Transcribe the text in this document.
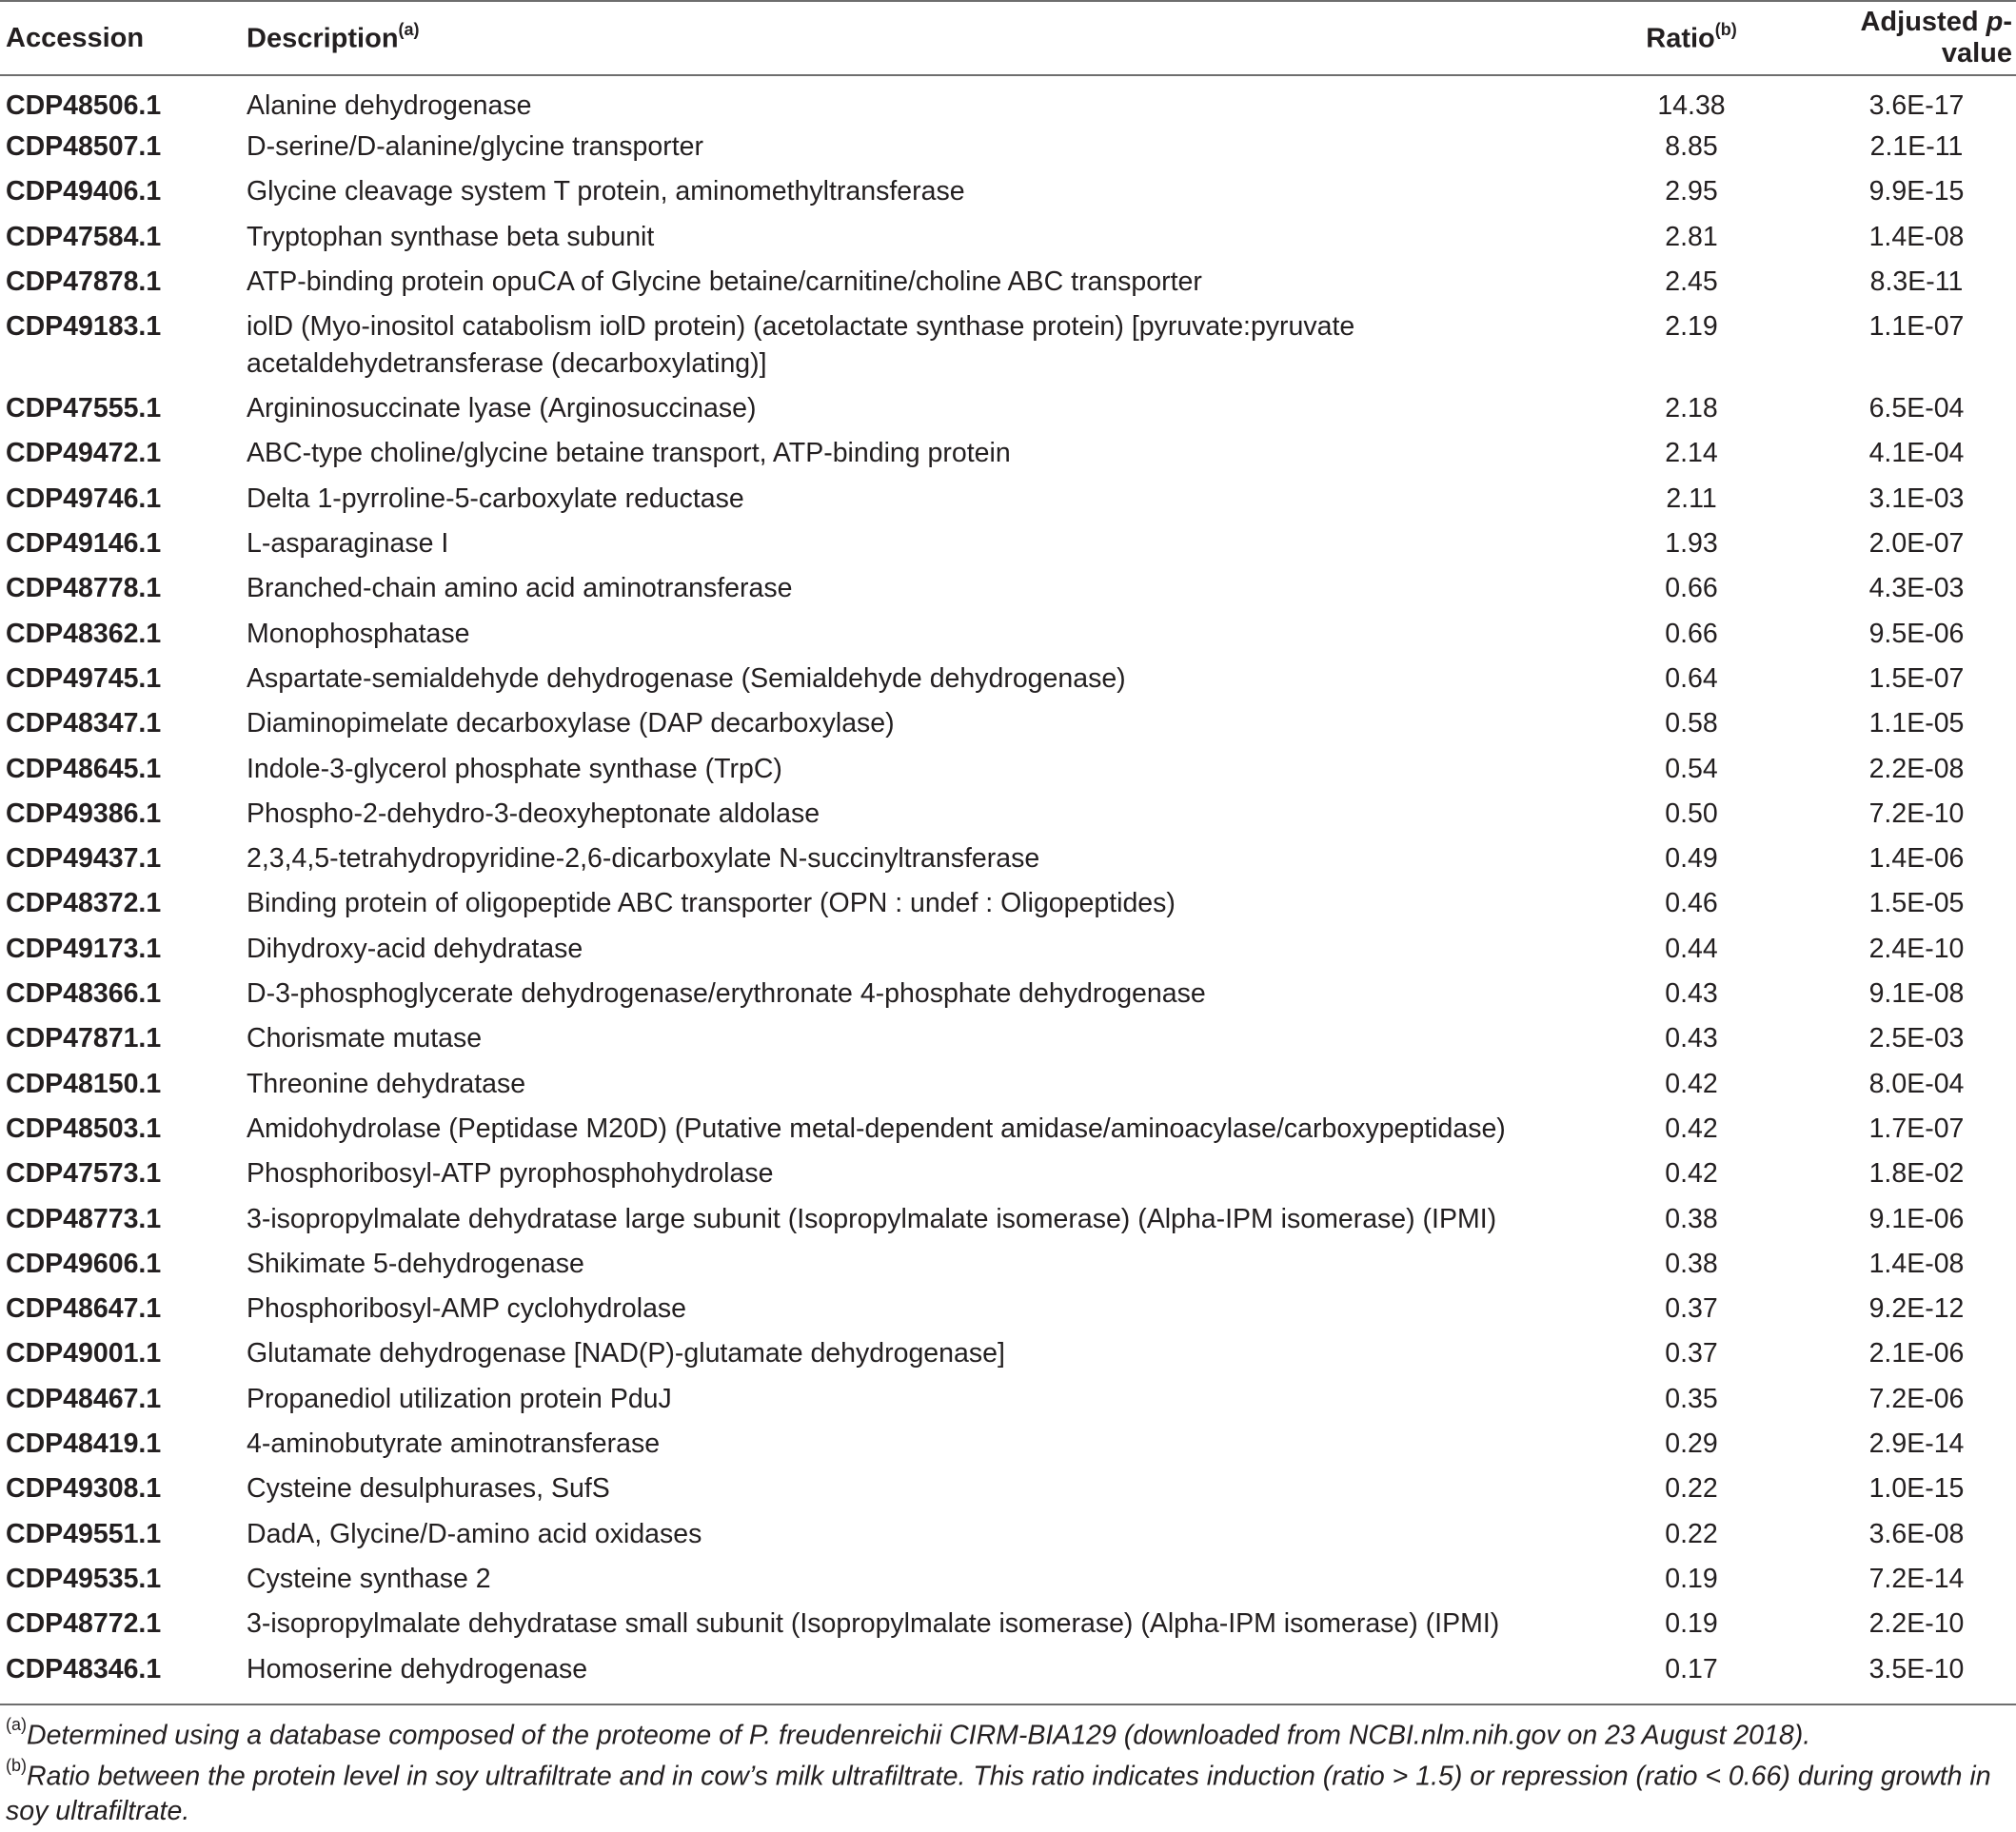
Accession	Description$^{(a)}$	Ratio$^{(b)}$	Adjusted p-value
CDP48506.1	Alanine dehydrogenase	14.38	3.6E-17
CDP48507.1	D-serine/D-alanine/glycine transporter	8.85	2.1E-11
CDP49406.1	Glycine cleavage system T protein, aminomethyltransferase	2.95	9.9E-15
CDP47584.1	Tryptophan synthase beta subunit	2.81	1.4E-08
CDP47878.1	ATP-binding protein opuCA of Glycine betaine/carnitine/choline ABC transporter	2.45	8.3E-11
CDP49183.1	iolD (Myo-inositol catabolism iolD protein) (acetolactate synthase protein) [pyruvate:pyruvate acetaldehydetransferase (decarboxylating)]	2.19	1.1E-07
CDP47555.1	Argininosuccinate lyase (Arginosuccinase)	2.18	6.5E-04
CDP49472.1	ABC-type choline/glycine betaine transport, ATP-binding protein	2.14	4.1E-04
CDP49746.1	Delta 1-pyrroline-5-carboxylate reductase	2.11	3.1E-03
CDP49146.1	L-asparaginase I	1.93	2.0E-07
CDP48778.1	Branched-chain amino acid aminotransferase	0.66	4.3E-03
CDP48362.1	Monophosphatase	0.66	9.5E-06
CDP49745.1	Aspartate-semialdehyde dehydrogenase (Semialdehyde dehydrogenase)	0.64	1.5E-07
CDP48347.1	Diaminopimelate decarboxylase (DAP decarboxylase)	0.58	1.1E-05
CDP48645.1	Indole-3-glycerol phosphate synthase (TrpC)	0.54	2.2E-08
CDP49386.1	Phospho-2-dehydro-3-deoxyheptonate aldolase	0.50	7.2E-10
CDP49437.1	2,3,4,5-tetrahydropyridine-2,6-dicarboxylate N-succinyltransferase	0.49	1.4E-06
CDP48372.1	Binding protein of oligopeptide ABC transporter (OPN : undef : Oligopeptides)	0.46	1.5E-05
CDP49173.1	Dihydroxy-acid dehydratase	0.44	2.4E-10
CDP48366.1	D-3-phosphoglycerate dehydrogenase/erythronate 4-phosphate dehydrogenase	0.43	9.1E-08
CDP47871.1	Chorismate mutase	0.43	2.5E-03
CDP48150.1	Threonine dehydratase	0.42	8.0E-04
CDP48503.1	Amidohydrolase (Peptidase M20D) (Putative metal-dependent amidase/aminoacylase/carboxypeptidase)	0.42	1.7E-07
CDP47573.1	Phosphoribosyl-ATP pyrophosphohydrolase	0.42	1.8E-02
CDP48773.1	3-isopropylmalate dehydratase large subunit (Isopropylmalate isomerase) (Alpha-IPM isomerase) (IPMI)	0.38	9.1E-06
CDP49606.1	Shikimate 5-dehydrogenase	0.38	1.4E-08
CDP48647.1	Phosphoribosyl-AMP cyclohydrolase	0.37	9.2E-12
CDP49001.1	Glutamate dehydrogenase [NAD(P)-glutamate dehydrogenase]	0.37	2.1E-06
CDP48467.1	Propanediol utilization protein PduJ	0.35	7.2E-06
CDP48419.1	4-aminobutyrate aminotransferase	0.29	2.9E-14
CDP49308.1	Cysteine desulphurases, SufS	0.22	1.0E-15
CDP49551.1	DadA, Glycine/D-amino acid oxidases	0.22	3.6E-08
CDP49535.1	Cysteine synthase 2	0.19	7.2E-14
CDP48772.1	3-isopropylmalate dehydratase small subunit (Isopropylmalate isomerase) (Alpha-IPM isomerase) (IPMI)	0.19	2.2E-10
CDP48346.1	Homoserine dehydrogenase	0.17	3.5E-10

$^{(a)}$Determined using a database composed of the proteome of P. freudenreichii CIRM-BIA129 (downloaded from NCBI.nlm.nih.gov on 23 August 2018).

$^{(b)}$Ratio between the protein level in soy ultrafiltrate and in cow’s milk ultrafiltrate. This ratio indicates induction (ratio > 1.5) or repression (ratio < 0.66) during growth in soy ultrafiltrate.
